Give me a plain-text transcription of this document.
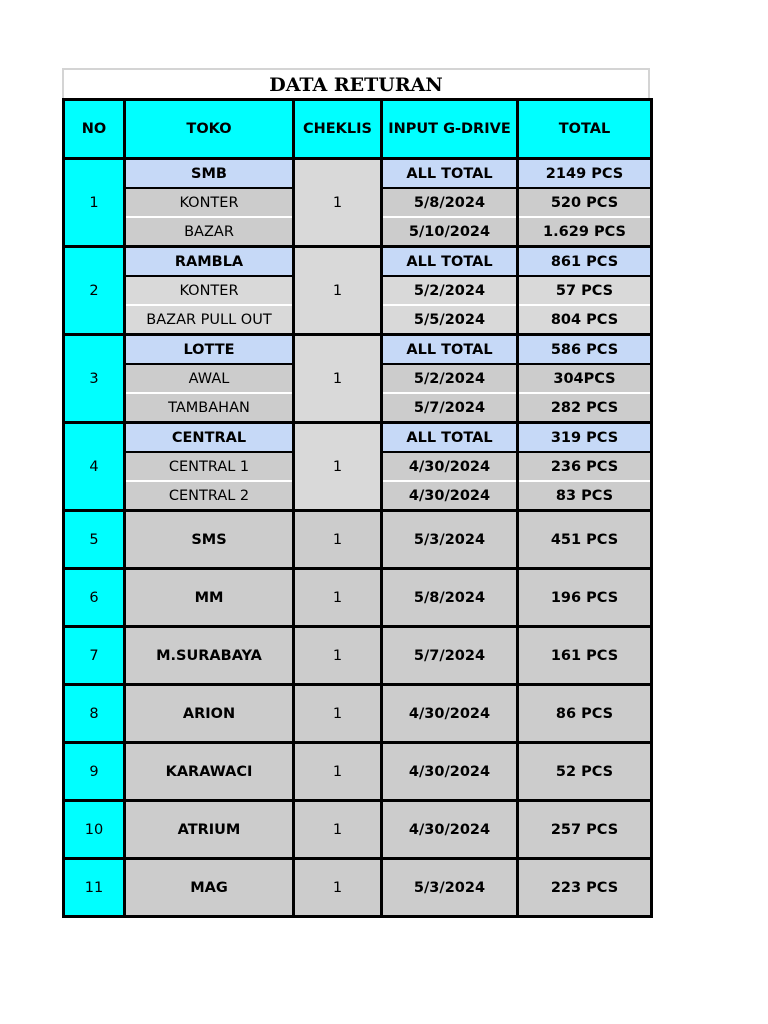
DATA RETURAN
NO	TOKO	CHEKLIS	INPUT G-DRIVE	TOTAL
1	SMB	1	ALL TOTAL	2149 PCS
	KONTER		5/8/2024	520 PCS
	BAZAR		5/10/2024	1.629 PCS
2	RAMBLA	1	ALL TOTAL	861 PCS
	KONTER		5/2/2024	57 PCS
	BAZAR PULL OUT		5/5/2024	804 PCS
3	LOTTE	1	ALL TOTAL	586 PCS
	AWAL		5/2/2024	304PCS
	TAMBAHAN		5/7/2024	282 PCS
4	CENTRAL	1	ALL TOTAL	319 PCS
	CENTRAL 1		4/30/2024	236 PCS
	CENTRAL 2		4/30/2024	83 PCS
5	SMS	1	5/3/2024	451 PCS
6	MM	1	5/8/2024	196 PCS
7	M.SURABAYA	1	5/7/2024	161 PCS
8	ARION	1	4/30/2024	86 PCS
9	KARAWACI	1	4/30/2024	52 PCS
10	ATRIUM	1	4/30/2024	257 PCS
11	MAG	1	5/3/2024	223 PCS
